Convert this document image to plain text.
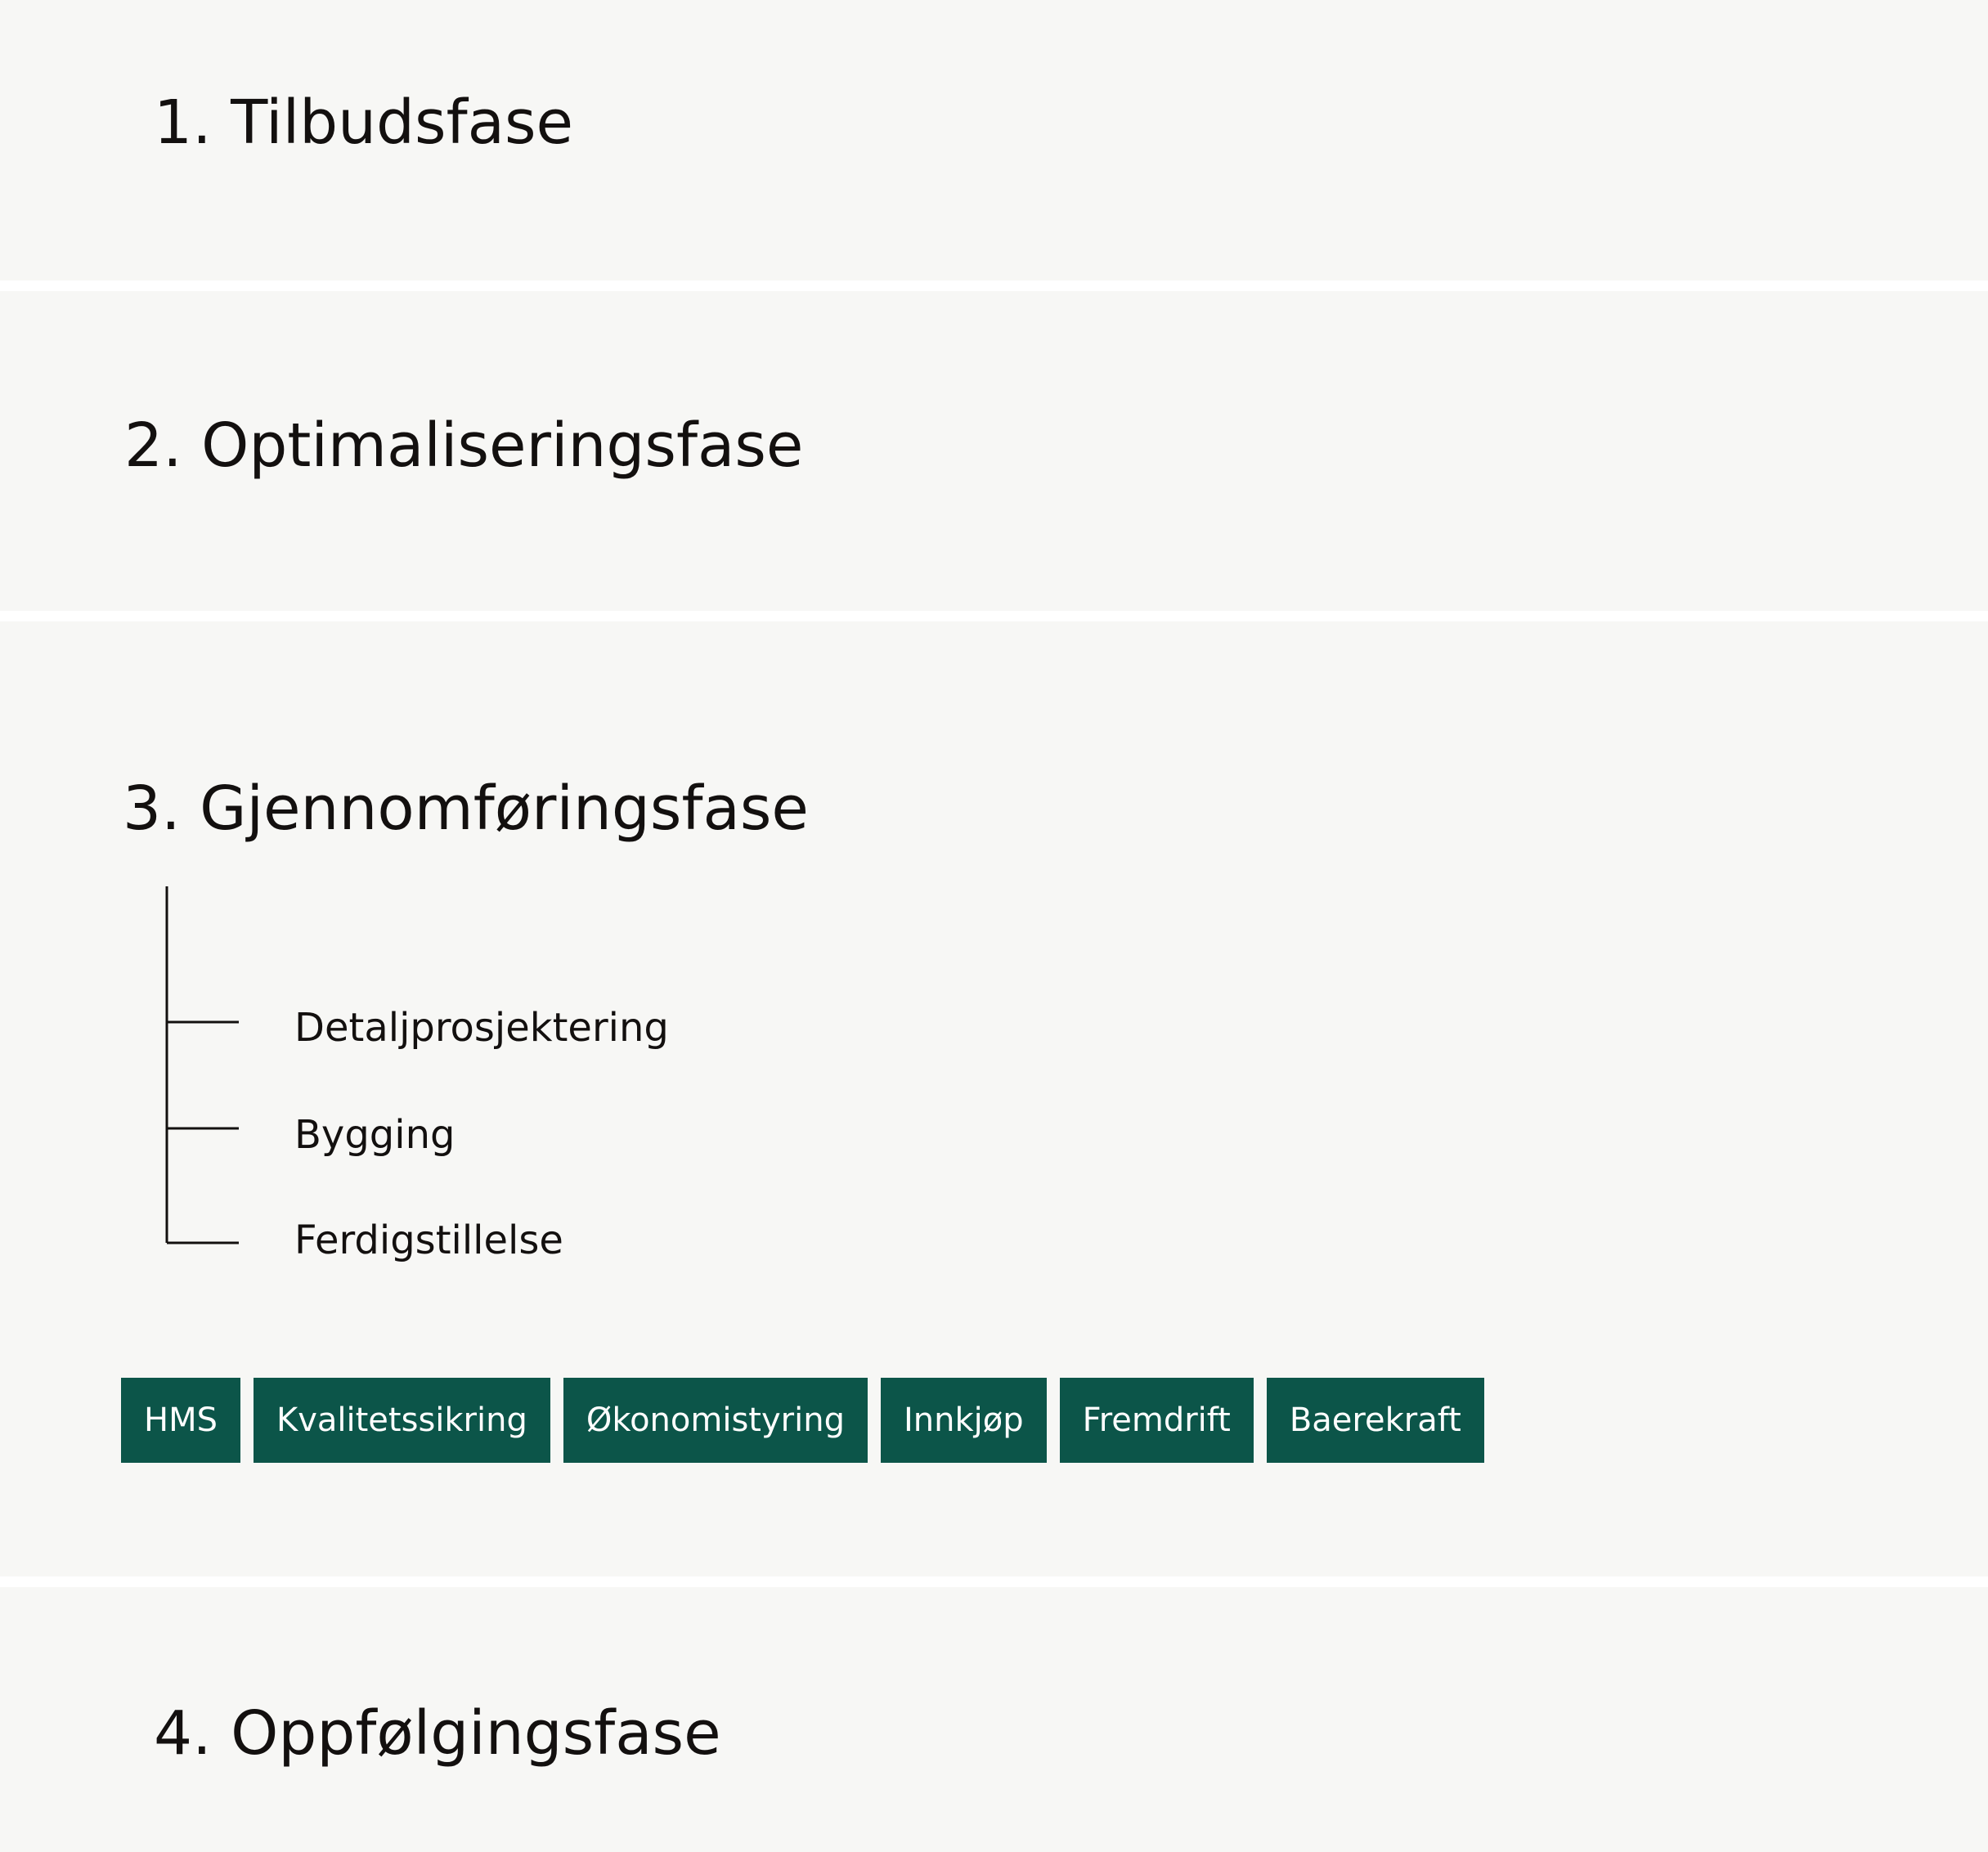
1. Tilbudsfase
2. Optimaliseringsfase
3. Gjennomføringsfase
Detaljprosjektering
Bygging
Ferdigstillelse
HMS	Kvalitetssikring	Økonomistyring	Innkjøp	Fremdrift	Baerekraft
4. Oppfølgingsfase
